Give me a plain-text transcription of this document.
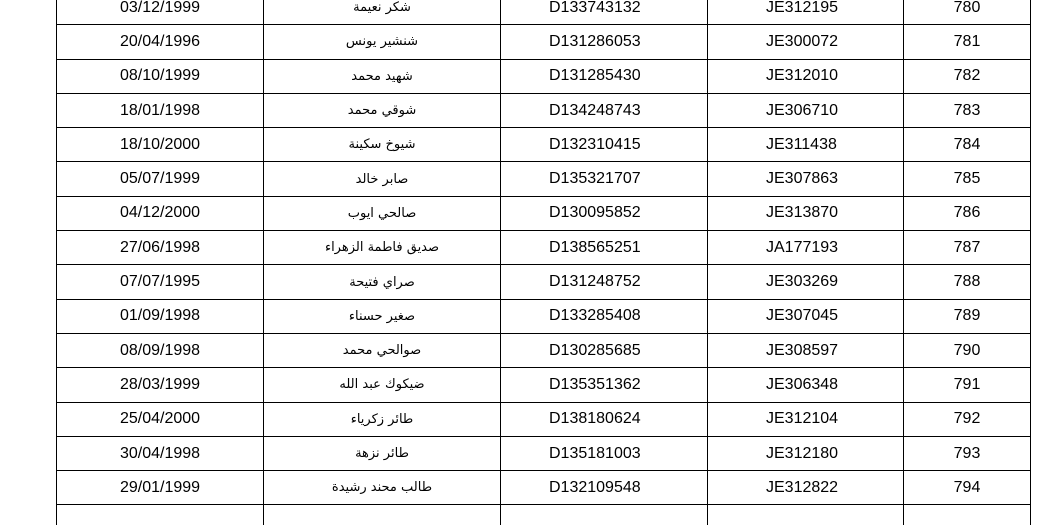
03/12/1999	شكر نعيمة	D133743132	JE312195	780
20/04/1996	شنشير يونس	D131286053	JE300072	781
08/10/1999	شهيد محمد	D131285430	JE312010	782
18/01/1998	شوقي محمد	D134248743	JE306710	783
18/10/2000	شيوخ سكينة	D132310415	JE311438	784
05/07/1999	صابر خالد	D135321707	JE307863	785
04/12/2000	صالحي ايوب	D130095852	JE313870	786
27/06/1998	صديق فاطمة الزهراء	D138565251	JA177193	787
07/07/1995	صراي فتيحة	D131248752	JE303269	788
01/09/1998	صغير حسناء	D133285408	JE307045	789
08/09/1998	صوالحي محمد	D130285685	JE308597	790
28/03/1999	ضيكوك عبد الله	D135351362	JE306348	791
25/04/2000	طائر زكرياء	D138180624	JE312104	792
30/04/1998	طائر نزهة	D135181003	JE312180	793
29/01/1999	طالب محند رشيدة	D132109548	JE312822	794
